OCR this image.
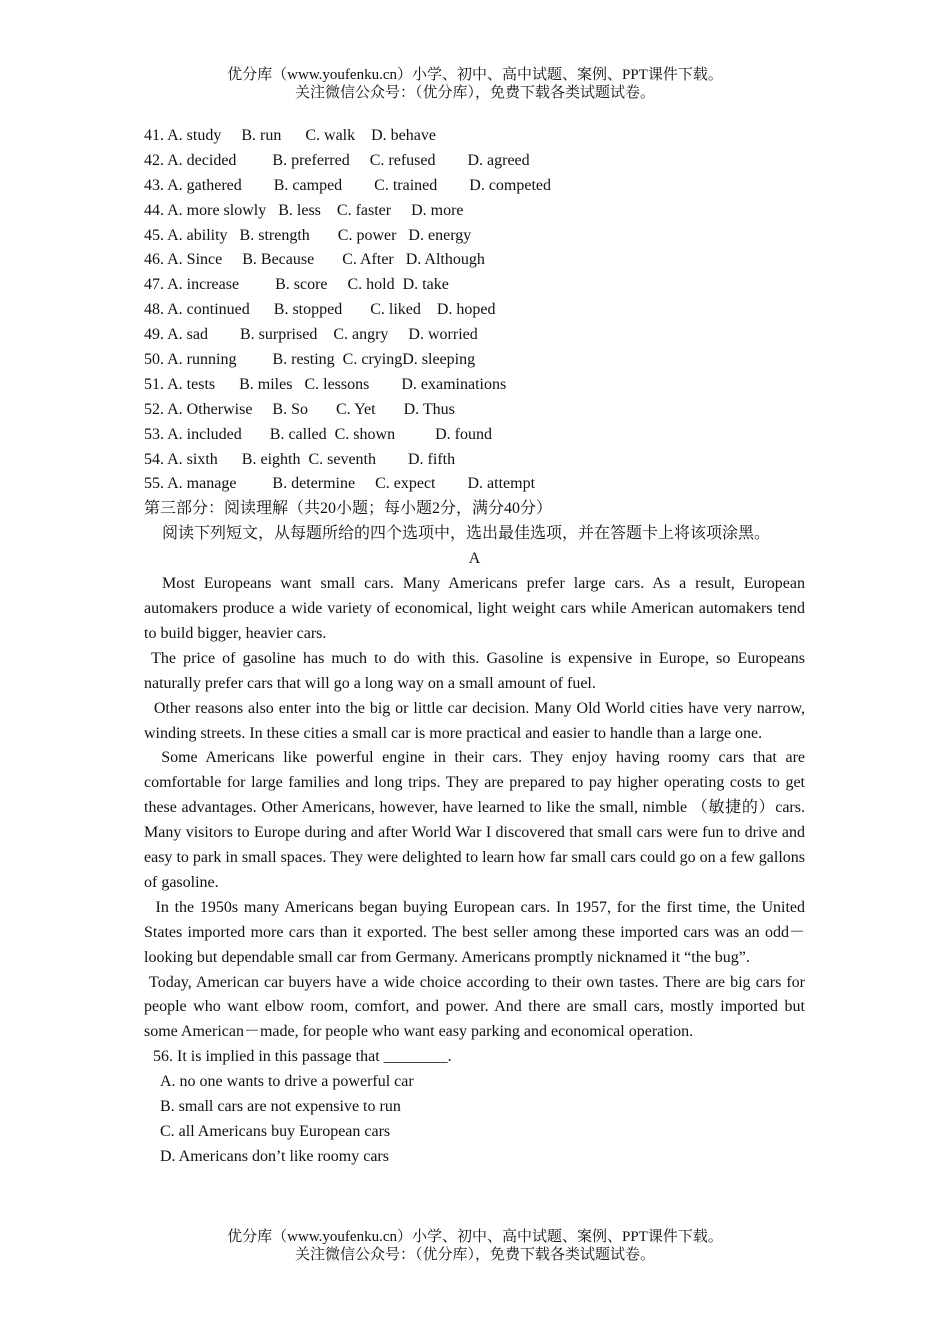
优分库（www.youfenku.cn）小学、初中、高中试题、案例、PPT课件下载。
关注微信公众号：（优分库），免费下载各类试题试卷。
41. A. study     B. run      C. walk    D. behave
42. A. decided         B. preferred     C. refused        D. agreed
43. A. gathered        B. camped        C. trained        D. competed
44. A. more slowly   B. less    C. faster     D. more
45. A. ability   B. strength       C. power   D. energy
46. A. Since     B. Because       C. After   D. Although
47. A. increase         B. score     C. hold  D. take
48. A. continued      B. stopped       C. liked    D. hoped
49. A. sad        B. surprised    C. angry     D. worried
50. A. running         B. resting  C. cryingD. sleeping
51. A. tests      B. miles   C. lessons        D. examinations
52. A. Otherwise     B. So       C. Yet       D. Thus
53. A. included       B. called  C. shown          D. found
54. A. sixth      B. eighth  C. seventh        D. fifth
55. A. manage         B. determine     C. expect        D. attempt
第三部分：阅读理解（共20小题；每小题2分，满分40分）
阅读下列短文，从每题所给的四个选项中，选出最佳选项，并在答题卡上将该项涂黑。
A
Most Europeans want small cars. Many Americans prefer large cars. As a result, European automakers produce a wide variety of economical, light weight cars while American automakers tend to build bigger, heavier cars.
The price of gasoline has much to do with this. Gasoline is expensive in Europe, so Europeans naturally prefer cars that will go a long way on a small amount of fuel.
Other reasons also enter into the big or little car decision. Many Old World cities have very narrow, winding streets. In these cities a small car is more practical and easier to handle than a large one.
Some Americans like powerful engine in their cars. They enjoy having roomy cars that are comfortable for large families and long trips. They are prepared to pay higher operating costs to get these advantages. Other Americans, however, have learned to like the small, nimble （敏捷的）cars. Many visitors to Europe during and after World War I discovered that small cars were fun to drive and easy to park in small spaces. They were delighted to learn how far small cars could go on a few gallons of gasoline.
In the 1950s many Americans began buying European cars. In 1957, for the first time, the United States imported more cars than it exported. The best seller among these imported cars was an odd－looking but dependable small car from Germany. Americans promptly nicknamed it “the bug”.
Today, American car buyers have a wide choice according to their own tastes. There are big cars for people who want elbow room, comfort, and power. And there are small cars, mostly imported but some American－made, for people who want easy parking and economical operation.
56. It is implied in this passage that ________.
A. no one wants to drive a powerful car
B. small cars are not expensive to run
C. all Americans buy European cars
D. Americans don’t like roomy cars
优分库（www.youfenku.cn）小学、初中、高中试题、案例、PPT课件下载。
关注微信公众号：（优分库），免费下载各类试题试卷。
